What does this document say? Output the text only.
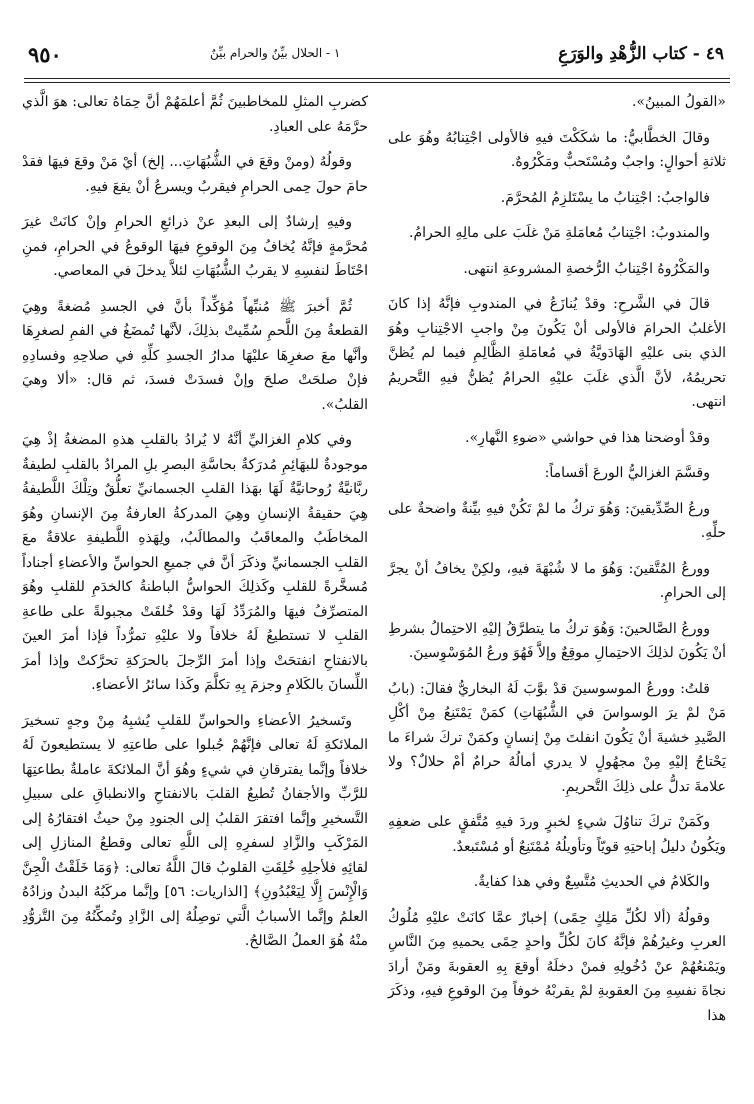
٤٩ - كتاب الزُّهْدِ والوَرَعِ
١ - الحلال بيِّنٌ والحرام بيِّنٌ
٩٥٠

«القولُ المبينُ».

وقالَ الخطَّابيُّ: ما شكَكْتَ فيهِ فالأولى اجْتِنابُهُ وهُوَ على ثلاثةِ أحوالٍ: واجبٌ ومُسْتَحبٌّ ومَكْرُوهٌ.

فالواجبُ: اجْتِنابُ ما يسْتَلزِمُ المُحرَّمَ.

والمندوبُ: اجْتِنابُ مُعامَلةِ مَنْ غلَبَ على مالِهِ الحرامُ.

والمَكْرُوهُ اجْتِنابُ الرُّخصةِ المشروعةِ انتهى.

قالَ في الشَّرحِ: وقدْ يُنازَعُ في المندوبِ فإنَّهُ إذا كانَ الأغلبُ الحرامَ فالأولى أنْ يَكُونَ مِنْ واجبِ الاجْتِنابِ وهُوَ الذي بنى عليْهِ الهَادَويَّةُ في مُعامَلةِ الظَّالِمِ فيما لم يُظنَّ تحريمُهُ، لأنَّ الَّذي غلَبَ عليْهِ الحرامُ يُظنُّ فيهِ التَّحريمُ انتهى.

وقدْ أوضحنا هذا في حواشي «ضوءِ النَّهارِ».

وقسَّمَ الغزاليُّ الورعَ أقساماً:

ورعُ الصِّدِّيقينَ: وَهُوَ تركُ ما لمْ تَكُنْ فيهِ بيِّنةٌ واضحةٌ على حلِّهِ.

وورعُ المُتَّقينَ: وَهُوَ ما لا شُبْهَةَ فيهِ، ولكِنْ يخافُ أنْ يجرَّ إلى الحرامِ.

وورعُ الصَّالحينَ: وَهُوَ تركُ ما يتطرَّقُ إليْهِ الاحتِمالُ بشرطِ أنْ يَكُونَ لذلِكَ الاحتِمالِ موقِعٌ وإلاَّ فَهُوَ ورعُ المُوَسْوِسينَ.

قلتُ: وورعُ الموسوسينَ قدْ بوَّبَ لَهُ البخاريُّ فقالَ: (بابُ مَنْ لمْ يرَ الوسواسَ في الشُّبُهَاتِ) كمَنْ يَمْتَنِعُ مِنْ أكْلِ الصَّيدِ خشيةَ أنْ يَكُونَ انفلتَ مِنْ إنسانٍ وكمَنْ تركَ شراءَ ما يَحْتاجُ إليْهِ مِنْ مجهُولٍ لا يدري أمالُهُ حرامٌ أمْ حلالٌ؟ ولا علامةَ تدلُّ على ذلِكَ التَّحريمِ.

وكَمَنْ تركَ تناوُلَ شيءٍ لخبرٍ وردَ فيهِ مُتَّفقٍ على ضعفِهِ ويَكُونُ دليلُ إباحتِهِ قويّاً وتأويلُهُ مُمْتَنِعٌ أو مُسْتَبعدٌ.

والكَلامُ في الحديثِ مُتَّسِعٌ وفي هذا كفايةٌ.

وقولُهُ (ألا لكُلِّ مَلِكٍ حِمًى) إخبارٌ عمَّا كانَتْ عليْهِ مُلُوكُ العربِ وغيرُهُمْ فإنَّهُ كانَ لكُلِّ واحدٍ حِمًى يحميهِ مِنَ النَّاسِ ويَمْنعُهُمْ عنْ دُخُولِهِ فمنْ دخلَهُ أوقعَ بِهِ العقوبةَ ومَنْ أرادَ نجاةَ نفسِهِ مِنَ العقوبةِ لمْ يقربْهُ خوفاً مِنَ الوقوعِ فيهِ، وذكَرَ هذا

كضربِ المثلِ للمخاطبينَ ثُمَّ أعلمَهُمْ أنَّ حِمَاهُ تعالى: هوَ الَّذي حرَّمَهُ على العبادِ.

وقولُهُ (ومنْ وقعَ في الشُّبُهَاتِ... إلخ) أيْ مَنْ وقعَ فيهَا فقدْ حامَ حولَ حِمى الحرامِ فيقربُ ويسرعُ أنْ يقعَ فيهِ.

وفيهِ إرشادٌ إلى البعدِ عنْ ذرائعِ الحرامِ وإنْ كانَتْ غيرَ مُحرَّمةٍ فإنَّهُ يُخافُ مِنَ الوقوعِ فيهَا الوقوعُ في الحرامِ، فمنِ احْتَاطَ لنفسِهِ لا يقربُ الشُّبُهَاتِ لئلاَّ يدخلَ في المعاصي.

ثُمَّ أخبرَ ﷺ مُنبِّهاً مُؤكِّداً بأنَّ في الجسدِ مُضغةً وهِيَ القطعةُ مِنَ اللَّحمِ سُمِّيتْ بذلِكَ، لأنَّها تُمضَغُ في الفمِ لصغرِهَا وأنَّها معَ صغرِهَا عليْهَا مدارُ الجسدِ كلِّهِ في صلاحِهِ وفسادِهِ فإنْ صلحَتْ صلحَ وإنْ فسدَتْ فسدَ، ثم قال: «ألا وهيَ القلبُ».

وفي كلامِ الغزاليِّ أنَّهُ لا يُرادُ بالقلبِ هذهِ المضغةُ إذْ هِيَ موجودةٌ للبهَائِمِ مُدرَكةٌ بحاسَّةِ البصرِ بلِ المرادُ بالقلبِ لطيفةٌ ربَّانيَّةٌ رُوحانيَّةٌ لَهَا بهَذا القلبِ الجسمانيِّ تعلُّقٌ وتِلْكَ اللَّطيفةُ هِيَ حقيقةُ الإنسانِ وهِيَ المدركةُ العارفةُ مِنَ الإنسانِ وهُوَ المخاطَبُ والمعاقَبُ والمطالَبُ، ولِهَذهِ اللَّطيفةِ علاقةٌ معَ القلبِ الجسمانيِّ وذكَرَ أنَّ في جميعِ الحواسِّ والأعضاءِ أجناداً مُسخَّرةً للقلبِ وكَذلِكَ الحواسُّ الباطنةُ كالخدَمِ للقلبِ وهُوَ المتصرِّفُ فيهَا والمُرَدِّدُ لَهَا وقدْ خُلقَتْ مجبولةً على طاعةِ القلبِ لا تستطيعُ لَهُ خلافاً ولا عليْهِ تمرُّداً فإذا أمرَ العينَ بالانفتاحِ انفتحَتْ وإذا أمرَ الرِّجلَ بالحرَكةِ تحرَّكتْ وإذا أمرَ اللِّسانَ بالكَلامِ وجزمَ بِهِ تكلَّمَ وكَذا سائرُ الأعضاءِ.

وتَسخيرُ الأعضاءِ والحواسِّ للقلبِ يُشبِهُ مِنْ وجهٍ تسخيرَ الملائكةِ لَهُ تعالى فإنَّهُمْ جُبلوا على طاعتِهِ لا يستطيعونَ لَهُ خلافاً وإنَّما يفترقانِ في شيءٍ وهُوَ أنَّ الملائكةَ عاملةٌ بطاعتِهَا للرَّبِّ والأجفانُ تُطيعُ القلبَ بالانفتاحِ والانطباقِ على سبيلِ التَّسخيرِ وإنَّما افتقرَ القلبُ إلى الجنودِ مِنْ حيثُ افتقارُهُ إلى المَرْكَبِ والزَّادِ لسفرِهِ إلى اللَّهِ تعالى وقطعُ المنازلِ إلى لقائِهِ فلأجلِهِ خُلِقَتِ القلوبُ قالَ اللَّهُ تعالى: ﴿وَمَا خَلَقْتُ الْجِنَّ وَالْإِنْسَ إِلَّا لِيَعْبُدُونِ﴾ [الذاريات: ٥٦] وإنَّما مركَبُهُ البدنُ وزادُهُ العلمُ وإنَّما الأسبابُ الَّتي توصِلُهُ إلى الزَّادِ وتُمكِّنُهُ مِنَ التَّزوُّدِ منْهُ هُوَ العملُ الصَّالحُ.
